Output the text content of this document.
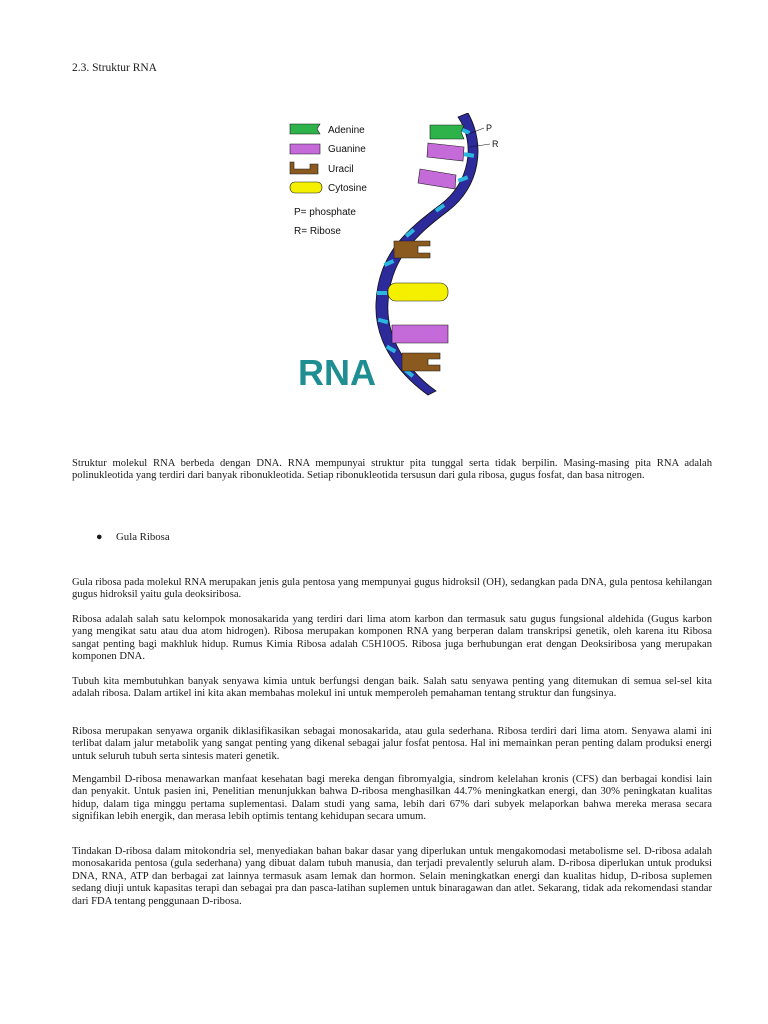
2.3. Struktur RNA
Adenine
Guanine
Uracil
Cytosine
P= phosphate
R= Ribose
P
R
RNA

Struktur molekul RNA berbeda dengan DNA. RNA mempunyai struktur pita tunggal serta tidak berpilin. Masing-masing pita RNA adalah polinukleotida yang terdiri dari banyak ribonukleotida. Setiap ribonukleotida tersusun dari gula ribosa, gugus fosfat, dan basa nitrogen.

● Gula Ribosa

Gula ribosa pada molekul RNA merupakan jenis gula pentosa yang mempunyai gugus hidroksil (OH), sedangkan pada DNA, gula pentosa kehilangan gugus hidroksil yaitu gula deoksiribosa.

Ribosa adalah salah satu kelompok monosakarida yang terdiri dari lima atom karbon dan termasuk satu gugus fungsional aldehida (Gugus karbon yang mengikat satu atau dua atom hidrogen). Ribosa merupakan komponen RNA yang berperan dalam transkripsi genetik, oleh karena itu Ribosa sangat penting bagi makhluk hidup. Rumus Kimia Ribosa adalah C5H10O5. Ribosa juga berhubungan erat dengan Deoksiribosa yang merupakan komponen DNA.

Tubuh kita membutuhkan banyak senyawa kimia untuk berfungsi dengan baik. Salah satu senyawa penting yang ditemukan di semua sel-sel kita adalah ribosa. Dalam artikel ini kita akan membahas molekul ini untuk memperoleh pemahaman tentang struktur dan fungsinya.

Ribosa merupakan senyawa organik diklasifikasikan sebagai monosakarida, atau gula sederhana. Ribosa terdiri dari lima atom. Senyawa alami ini terlibat dalam jalur metabolik yang sangat penting yang dikenal sebagai jalur fosfat pentosa. Hal ini memainkan peran penting dalam produksi energi untuk seluruh tubuh serta sintesis materi genetik.

Mengambil D-ribosa menawarkan manfaat kesehatan bagi mereka dengan fibromyalgia, sindrom kelelahan kronis (CFS) dan berbagai kondisi lain dan penyakit. Untuk pasien ini, Penelitian menunjukkan bahwa D-ribosa menghasilkan 44.7% meningkatkan energi, dan 30% peningkatan kualitas hidup, dalam tiga minggu pertama suplementasi. Dalam studi yang sama, lebih dari 67% dari subyek melaporkan bahwa mereka merasa secara signifikan lebih energik, dan merasa lebih optimis tentang kehidupan secara umum.

Tindakan D-ribosa dalam mitokondria sel, menyediakan bahan bakar dasar yang diperlukan untuk mengakomodasi metabolisme sel. D-ribosa adalah monosakarida pentosa (gula sederhana) yang dibuat dalam tubuh manusia, dan terjadi prevalently seluruh alam. D-ribosa diperlukan untuk produksi DNA, RNA, ATP dan berbagai zat lainnya termasuk asam lemak dan hormon. Selain meningkatkan energi dan kualitas hidup, D-ribosa suplemen sedang diuji untuk kapasitas terapi dan sebagai pra dan pasca-latihan suplemen untuk binaragawan dan atlet. Sekarang, tidak ada rekomendasi standar dari FDA tentang penggunaan D-ribosa.
